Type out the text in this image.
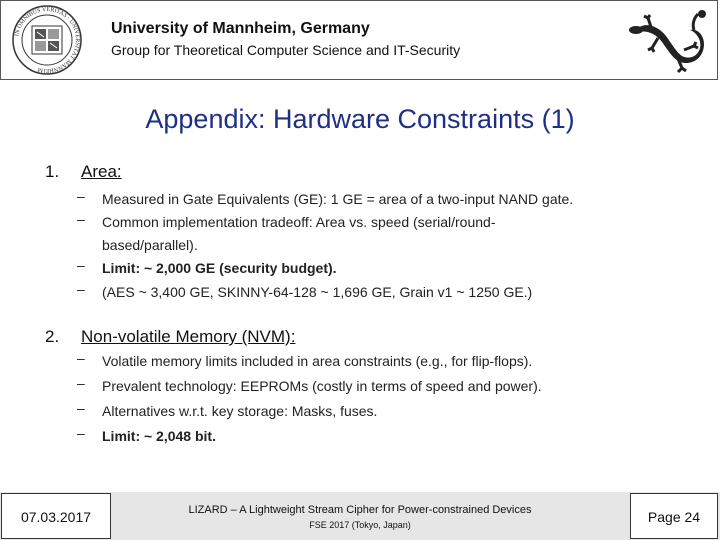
IN OMNIBUS VERITAS · UNIVERSITÄT MANNHEIM
University of Mannheim, Germany
Group for Theoretical Computer Science and IT-Security
Appendix: Hardware Constraints (1)
1. Area:
– Measured in Gate Equivalents (GE): 1 GE = area of a two-input NAND gate.
– Common implementation tradeoff: Area vs. speed (serial/round-based/parallel).
– Limit: ~ 2,000 GE (security budget).
– (AES ~ 3,400 GE, SKINNY-64-128 ~ 1,696 GE, Grain v1 ~ 1250 GE.)
2. Non-volatile Memory (NVM):
– Volatile memory limits included in area constraints (e.g., for flip-flops).
– Prevalent technology: EEPROMs (costly in terms of speed and power).
– Alternatives w.r.t. key storage: Masks, fuses.
– Limit: ~ 2,048 bit.
07.03.2017	LIZARD – A Lightweight Stream Cipher for Power-constrained Devices
FSE 2017 (Tokyo, Japan)	Page 24
